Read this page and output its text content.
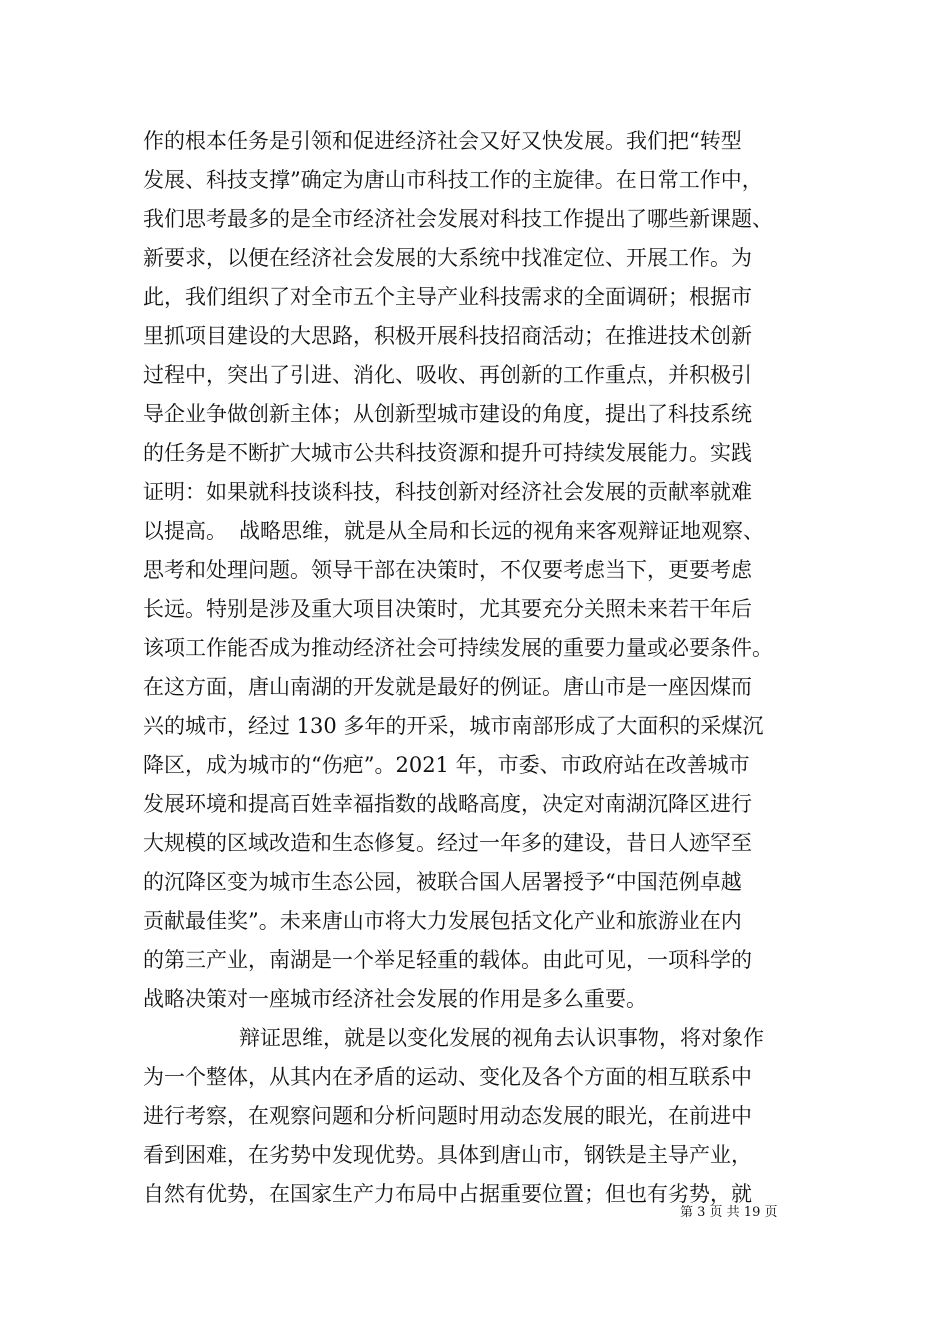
作的根本任务是引领和促进经济社会又好又快发展。我们把“转型
发展、科技支撑”确定为唐山市科技工作的主旋律。在日常工作中，
我们思考最多的是全市经济社会发展对科技工作提出了哪些新课题、
新要求，以便在经济社会发展的大系统中找准定位、开展工作。为
此，我们组织了对全市五个主导产业科技需求的全面调研；根据市
里抓项目建设的大思路，积极开展科技招商活动；在推进技术创新
过程中，突出了引进、消化、吸收、再创新的工作重点，并积极引
导企业争做创新主体；从创新型城市建设的角度，提出了科技系统
的任务是不断扩大城市公共科技资源和提升可持续发展能力。实践
证明：如果就科技谈科技，科技创新对经济社会发展的贡献率就难
以提高。 战略思维，就是从全局和长远的视角来客观辩证地观察、
思考和处理问题。领导干部在决策时，不仅要考虑当下，更要考虑
长远。特别是涉及重大项目决策时，尤其要充分关照未来若干年后
该项工作能否成为推动经济社会可持续发展的重要力量或必要条件。
在这方面，唐山南湖的开发就是最好的例证。唐山市是一座因煤而
兴的城市，经过 130 多年的开采，城市南部形成了大面积的采煤沉
降区，成为城市的“伤疤”。2021 年，市委、市政府站在改善城市
发展环境和提高百姓幸福指数的战略高度，决定对南湖沉降区进行
大规模的区域改造和生态修复。经过一年多的建设，昔日人迹罕至
的沉降区变为城市生态公园，被联合国人居署授予“中国范例卓越
贡献最佳奖”。未来唐山市将大力发展包括文化产业和旅游业在内
的第三产业，南湖是一个举足轻重的载体。由此可见，一项科学的
战略决策对一座城市经济社会发展的作用是多么重要。

辩证思维，就是以变化发展的视角去认识事物，将对象作
为一个整体，从其内在矛盾的运动、变化及各个方面的相互联系中
进行考察，在观察问题和分析问题时用动态发展的眼光，在前进中
看到困难，在劣势中发现优势。具体到唐山市，钢铁是主导产业，
自然有优势，在国家生产力布局中占据重要位置；但也有劣势，就

第 3 页 共 19 页
